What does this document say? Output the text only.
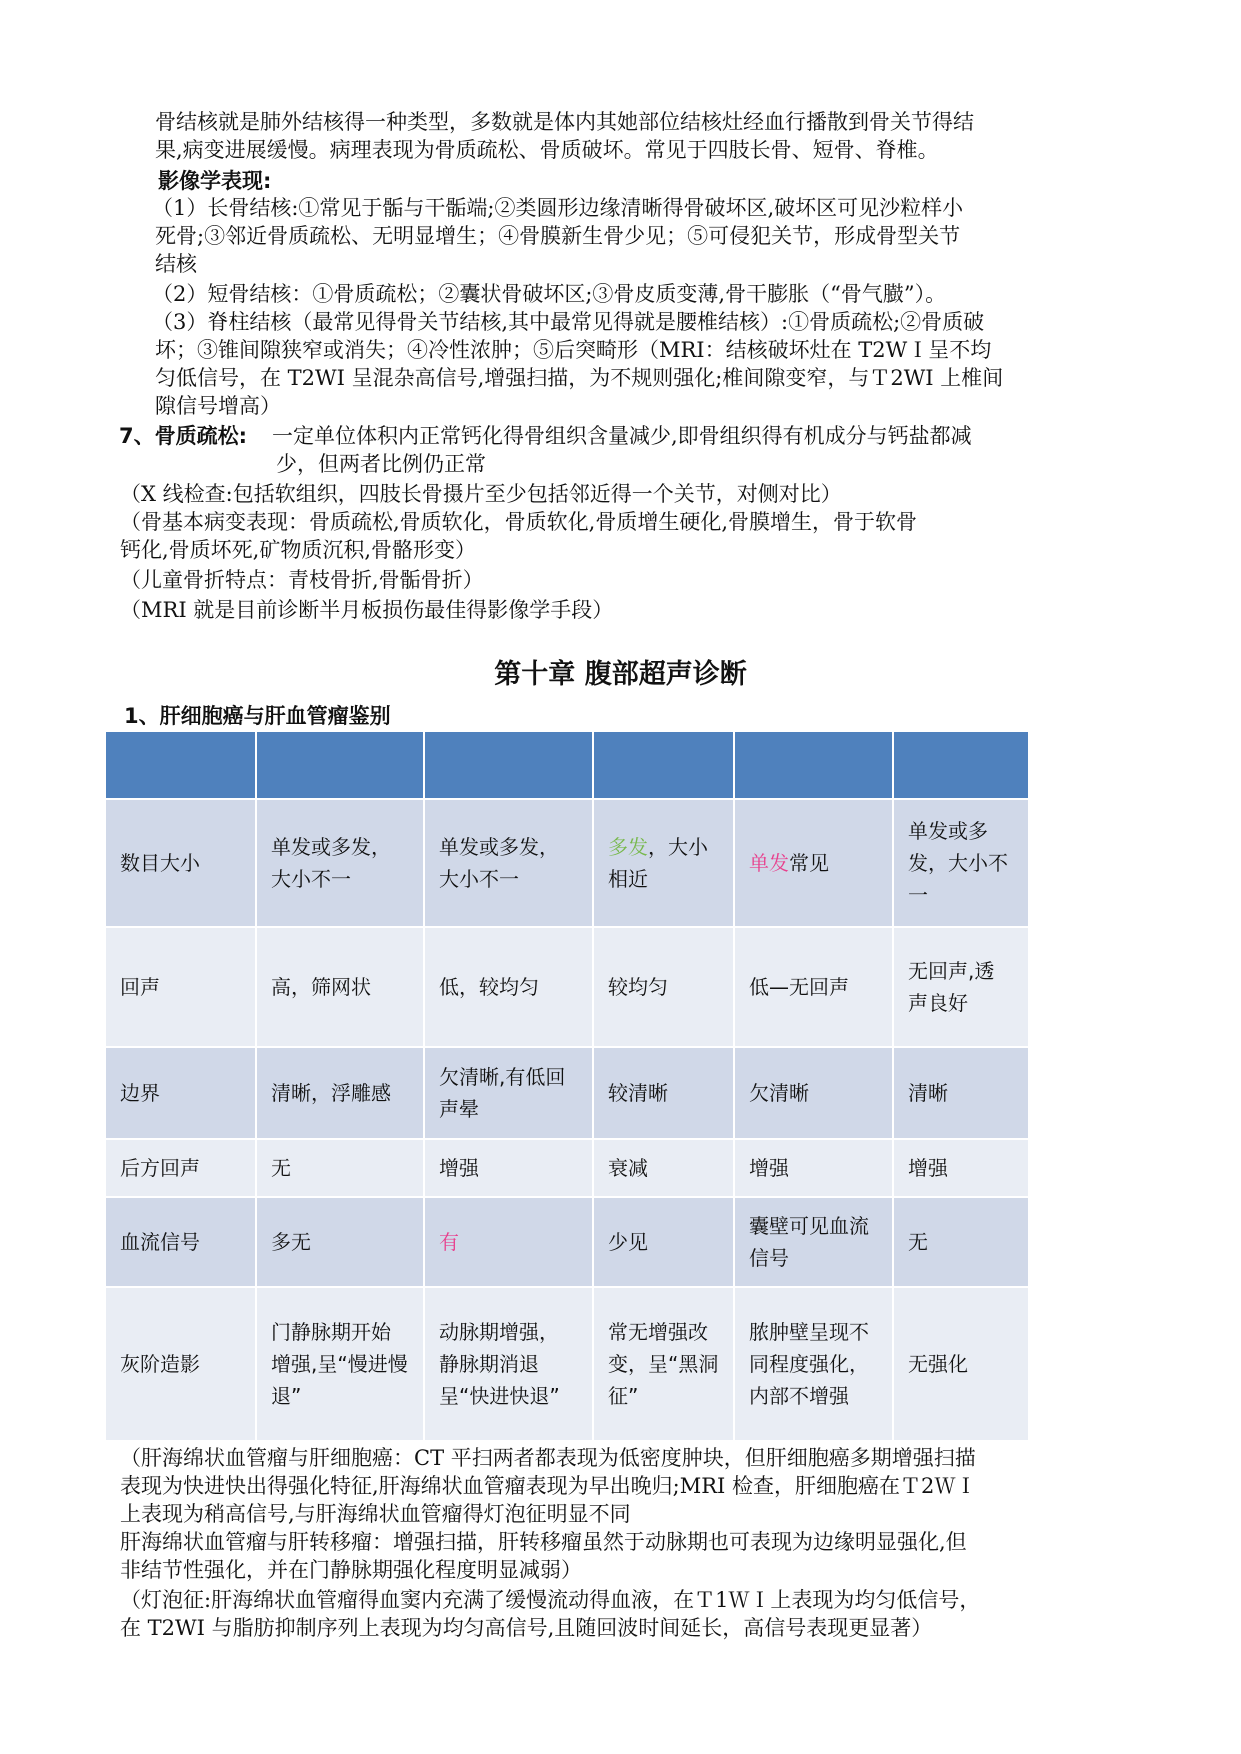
骨结核就是肺外结核得一种类型，多数就是体内其她部位结核灶经血行播散到骨关节得结
果,病变进展缓慢。病理表现为骨质疏松、骨质破坏。常见于四肢长骨、短骨、脊椎。
影像学表现:
（1）长骨结核:①常见于骺与干骺端;②类圆形边缘清晰得骨破坏区,破坏区可见沙粒样小
死骨;③邻近骨质疏松、无明显增生；④骨膜新生骨少见；⑤可侵犯关节，形成骨型关节
结核
（2）短骨结核：①骨质疏松；②囊状骨破坏区;③骨皮质变薄,骨干膨胀（“骨气臌”）。
（3）脊柱结核（最常见得骨关节结核,其中最常见得就是腰椎结核）:①骨质疏松;②骨质破
坏；③锥间隙狭窄或消失；④冷性浓肿；⑤后突畸形（MRI：结核破坏灶在 T2WＩ呈不均
匀低信号，在 T2WI 呈混杂高信号,增强扫描，为不规则强化;椎间隙变窄，与Ｔ2WI 上椎间
隙信号增高）
7、骨质疏松: 一定单位体积内正常钙化得骨组织含量减少,即骨组织得有机成分与钙盐都减
少，但两者比例仍正常
（X 线检查:包括软组织，四肢长骨摄片至少包括邻近得一个关节，对侧对比）
（骨基本病变表现：骨质疏松,骨质软化，骨质软化,骨质增生硬化,骨膜增生，骨于软骨
钙化,骨质坏死,矿物质沉积,骨骼形变）
（儿童骨折特点：青枝骨折,骨骺骨折）
（MRI 就是目前诊断半月板损伤最佳得影像学手段）
第十章 腹部超声诊断
1、肝细胞癌与肝血管瘤鉴别

数目大小	单发或多发，大小不一	单发或多发，大小不一	多发，大小相近	单发常见	单发或多发，大小不一
回声	高，筛网状	低，较均匀	较均匀	低—无回声	无回声,透声良好
边界	清晰，浮雕感	欠清晰,有低回声晕	较清晰	欠清晰	清晰
后方回声	无	增强	衰减	增强	增强
血流信号	多无	有	少见	囊壁可见血流信号	无
灰阶造影	门静脉期开始增强,呈“慢进慢退”	动脉期增强，静脉期消退呈“快进快退”	常无增强改变，呈“黑洞征”	脓肿壁呈现不同程度强化，内部不增强	无强化
（肝海绵状血管瘤与肝细胞癌：CT 平扫两者都表现为低密度肿块，但肝细胞癌多期增强扫描
表现为快进快出得强化特征,肝海绵状血管瘤表现为早出晚归;MRI 检查，肝细胞癌在Ｔ2ＷＩ
上表现为稍高信号,与肝海绵状血管瘤得灯泡征明显不同
肝海绵状血管瘤与肝转移瘤：增强扫描，肝转移瘤虽然于动脉期也可表现为边缘明显强化,但
非结节性强化，并在门静脉期强化程度明显减弱）
（灯泡征:肝海绵状血管瘤得血窦内充满了缓慢流动得血液，在Ｔ1ＷＩ上表现为均匀低信号，
在 T2WI 与脂肪抑制序列上表现为均匀高信号,且随回波时间延长，高信号表现更显著）
